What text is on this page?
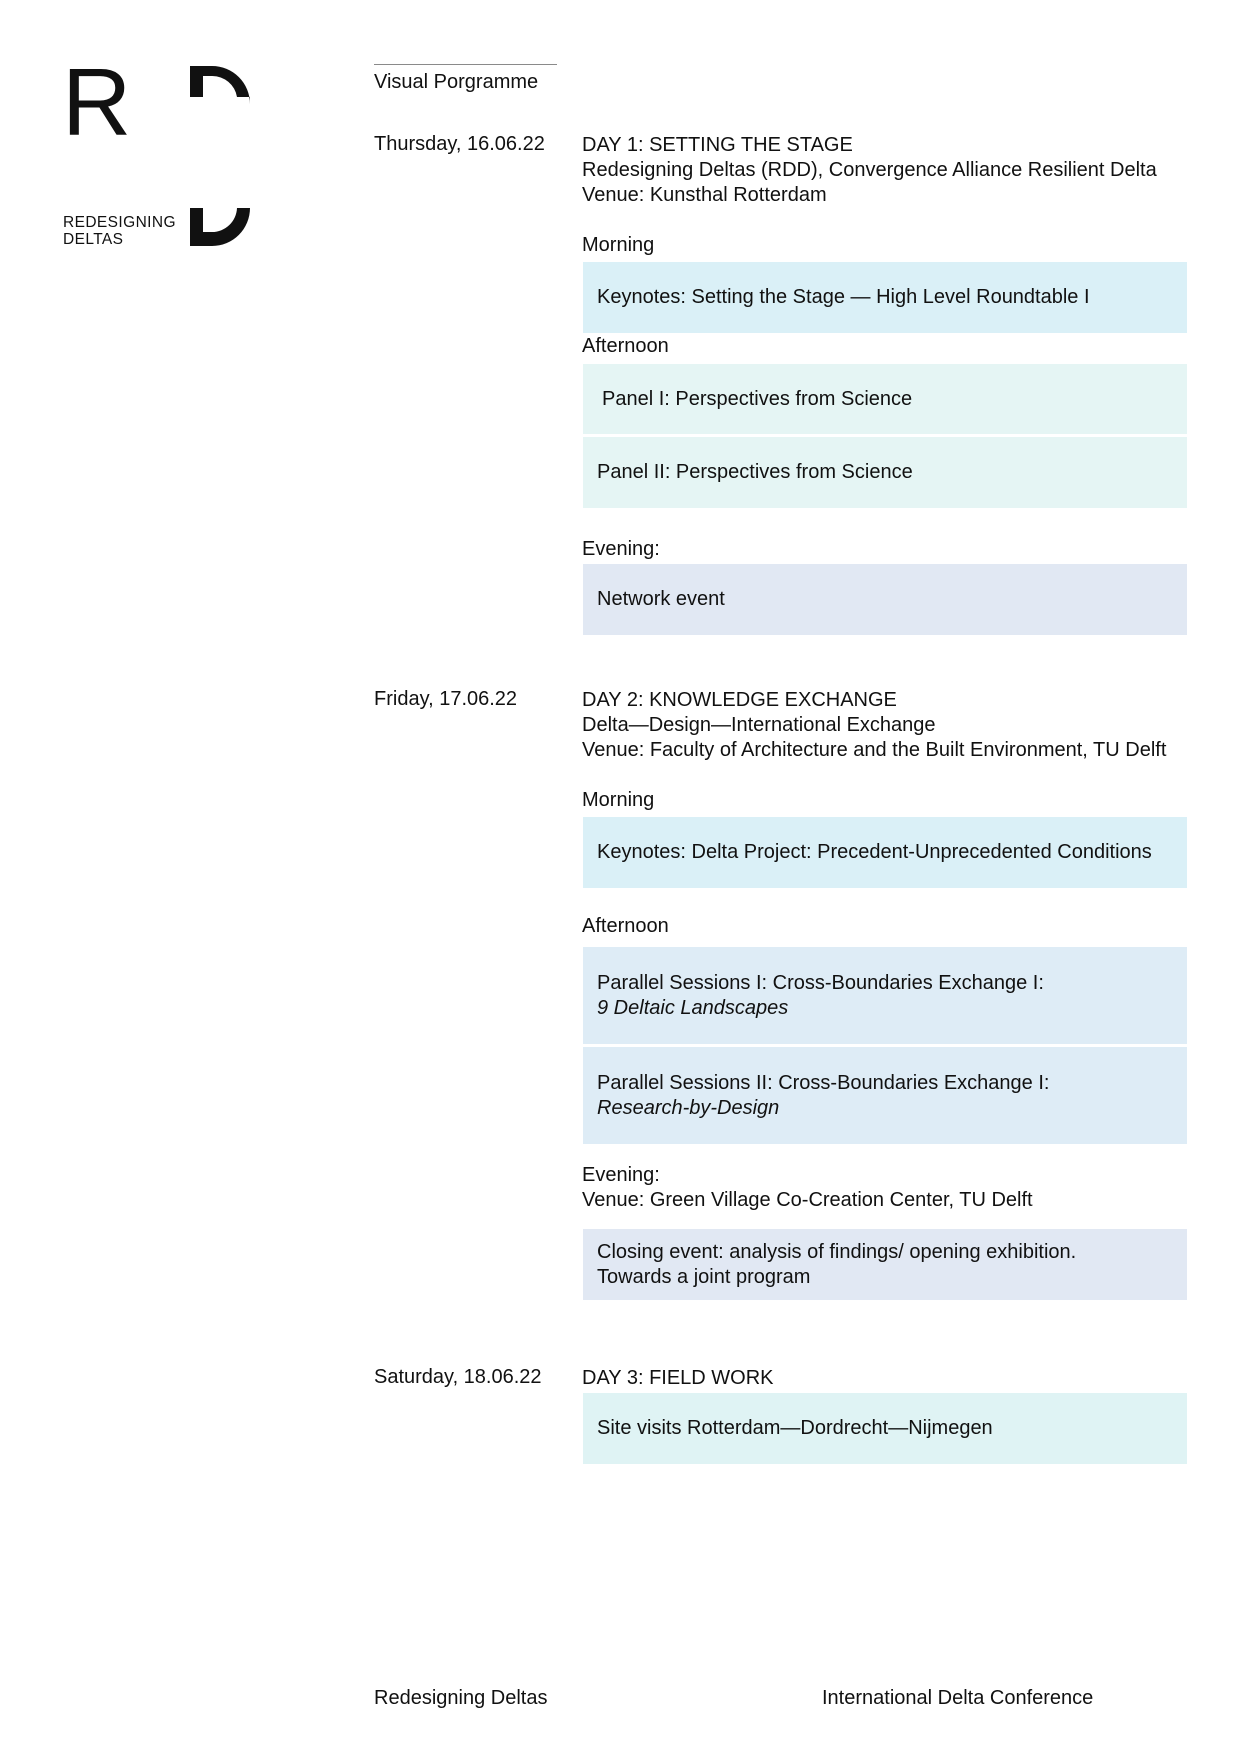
R
REDESIGNING
DELTAS
Visual Porgramme
Thursday, 16.06.22 DAY 1: SETTING THE STAGE
Redesigning Deltas (RDD), Convergence Alliance Resilient Delta
Venue: Kunsthal Rotterdam
Morning
Keynotes: Setting the Stage — High Level Roundtable I
Afternoon
Panel I: Perspectives from Science
Panel II: Perspectives from Science
Evening:
Network event
Friday, 17.06.22	DAY 2: KNOWLEDGE EXCHANGE
Delta—Design—International Exchange
Venue: Faculty of Architecture and the Built Environment, TU Delft
Morning
Keynotes: Delta Project: Precedent-Unprecedented Conditions
Afternoon
Parallel Sessions I: Cross-Boundaries Exchange I:
9 Deltaic Landscapes
Parallel Sessions II: Cross-Boundaries Exchange I:
Research-by-Design
Evening:
Venue: Green Village Co-Creation Center, TU Delft
Closing event: analysis of findings/ opening exhibition.
Towards a joint program
Saturday, 18.06.22 DAY 3: FIELD WORK
Site visits Rotterdam—Dordrecht—Nijmegen
Redesigning Deltas	International Delta Conference
